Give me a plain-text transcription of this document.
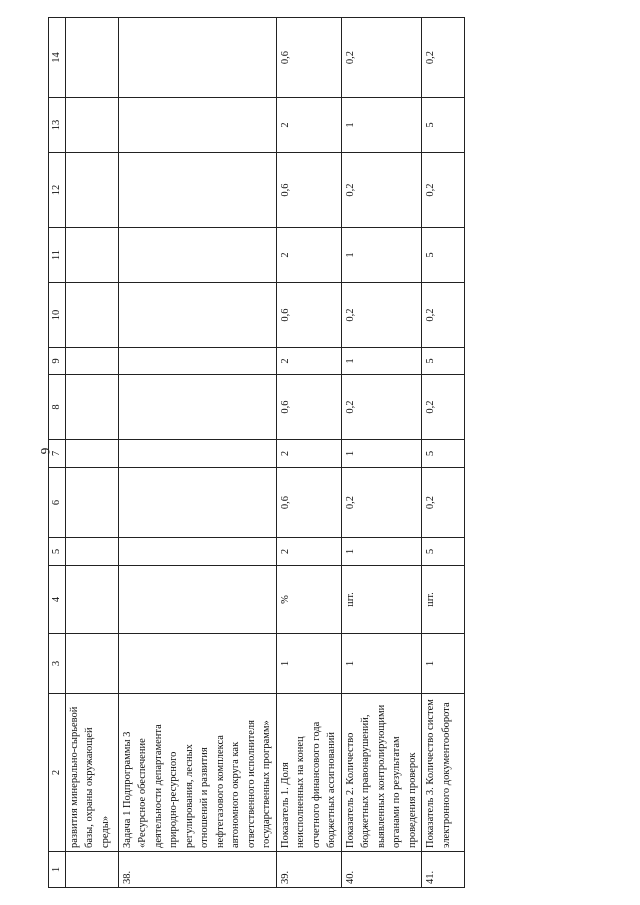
9
1	2	3	4	5	6	7	8	9	10	11	12	13	14
	развития минерально-сырьевой базы, охраны окружающей среды»												
38.	Задача 1 Подпрограммы 3 «Ресурсное обеспечение деятельности департамента природно-ресурсного регулирования, лесных отношений и развития нефтегазового комплекса автономного округа как ответственного исполнителя государственных программ»												
39.	Показатель 1. Доля неисполненных на конец отчетного финансового года бюджетных ассигнований	1	%	2	0,6	2	0,6	2	0,6	2	0,6	2	0,6
40.	Показатель 2. Количество бюджетных правонарушений, выявленных контролирующими органами по результатам проведения проверок	1	шт.	1	0,2	1	0,2	1	0,2	1	0,2	1	0,2
41.	Показатель 3. Количество систем электронного документооборота	1	шт.	5	0,2	5	0,2	5	0,2	5	0,2	5	0,2
